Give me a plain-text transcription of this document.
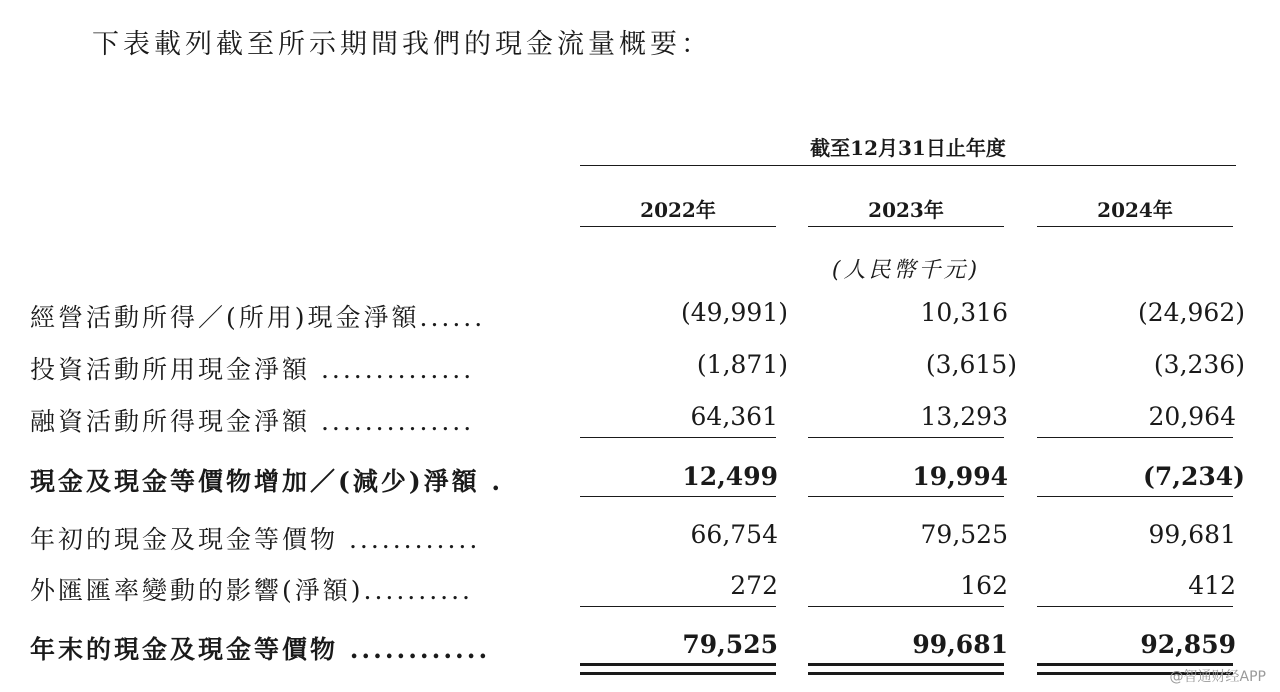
下表載列截至所示期間我們的現金流量概要：
截至12月31日止年度
2022年	2023年	2024年
(人民幣千元)
經營活動所得／(所用)現金淨額......	(49,991)	10,316	(24,962)
投資活動所用現金淨額 ..............	(1,871)	(3,615)	(3,236)
融資活動所得現金淨額 ..............	64,361	13,293	20,964
現金及現金等價物增加／(減少)淨額 .	12,499	19,994	(7,234)
年初的現金及現金等價物 ............	66,754	79,525	99,681
外匯匯率變動的影響(淨額)..........	272	162	412
年末的現金及現金等價物 ............	79,525	99,681	92,859
@智通财经APP
